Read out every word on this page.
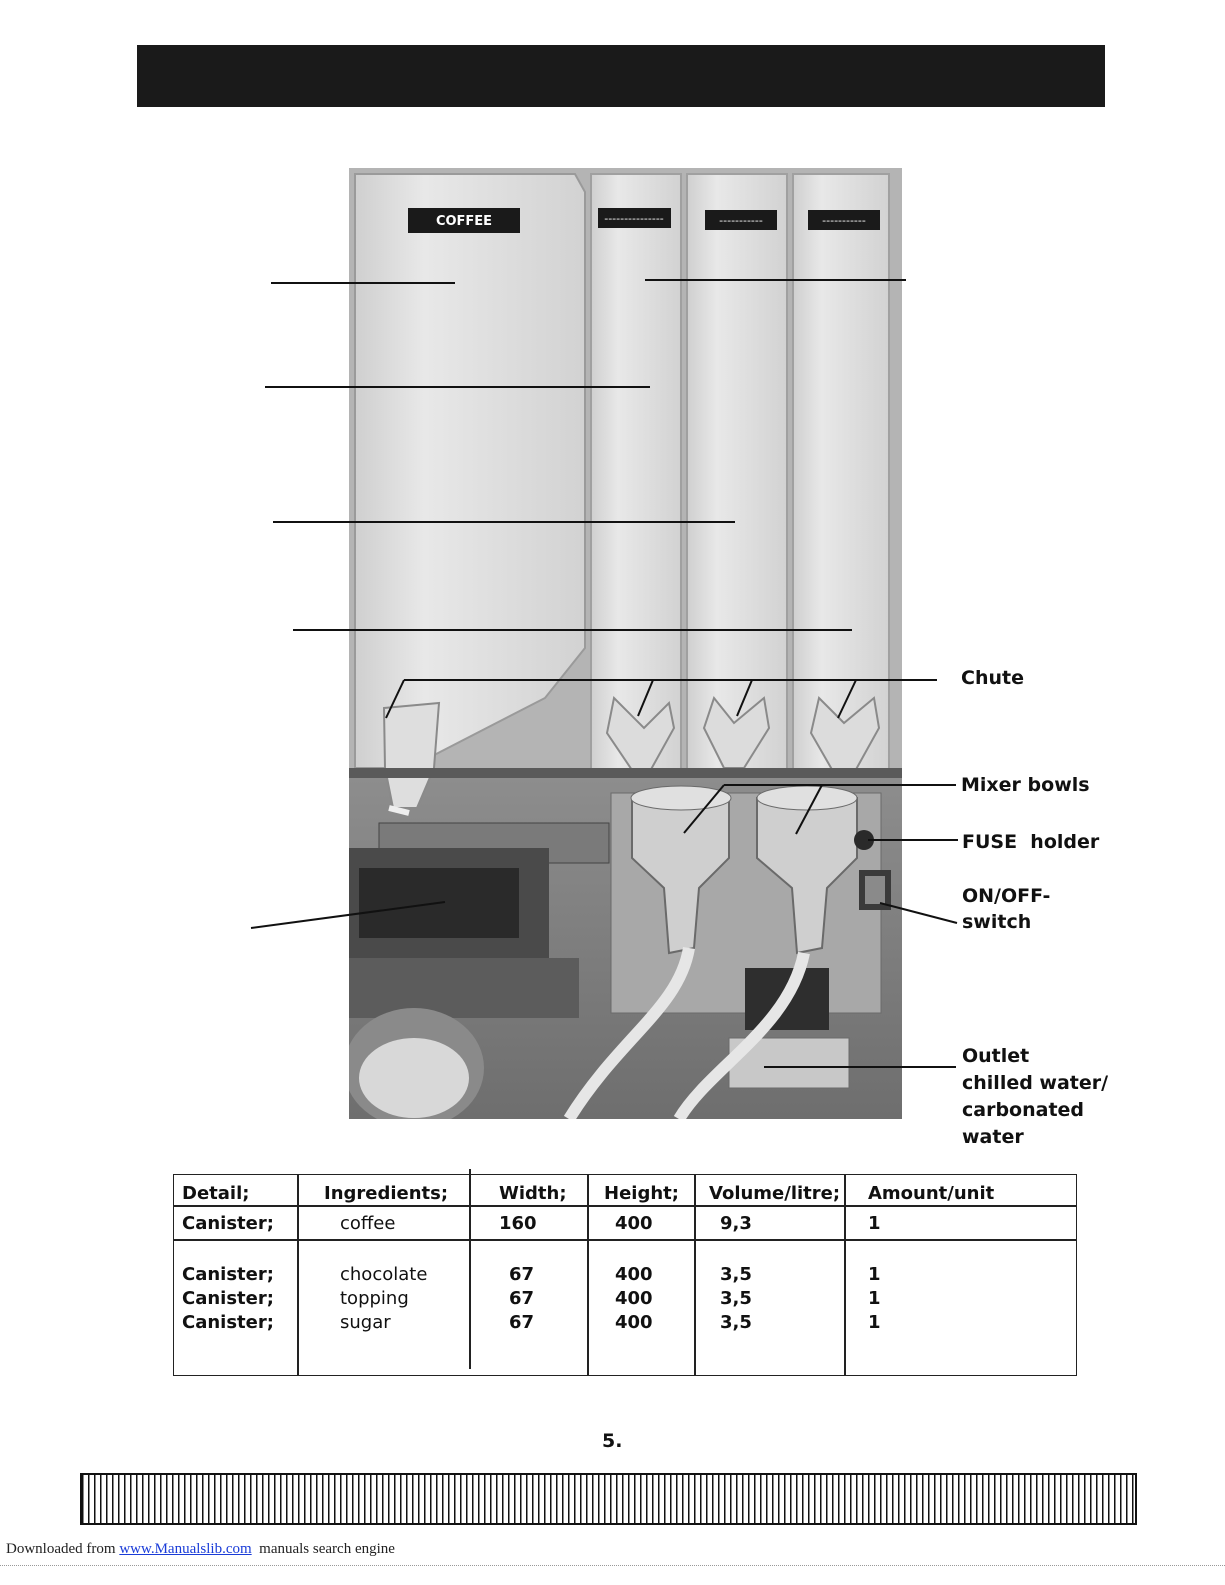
COFFEE	---------------	-----------	-----------
Chute
Mixer bowls
FUSE  holder
ON/OFF-
switch
Outlet
chilled water/
carbonated
water
Detail;	Ingredients;	Width; Height; Volume/litre; Amount/unit
Canister;	coffee	160	400	9,3	1
Canister;	chocolate	67	400	3,5	1
Canister;	topping	67	400	3,5	1
Canister;	sugar	67	400	3,5	1
5.
Downloaded from www.Manualslib.com  manuals search engine
